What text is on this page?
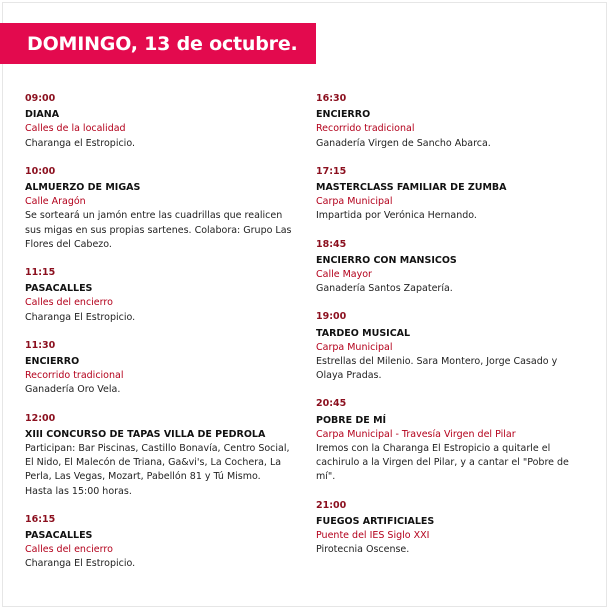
DOMINGO, 13 de octubre.
09:00
DIANA
Calles de la localidad
Charanga el Estropicio.
10:00
ALMUERZO DE MIGAS
Calle Aragón
Se sorteará un jamón entre las cuadrillas que realicen
sus migas en sus propias sartenes. Colabora: Grupo Las
Flores del Cabezo.
11:15
PASACALLES
Calles del encierro
Charanga El Estropicio.
11:30
ENCIERRO
Recorrido tradicional
Ganadería Oro Vela.
12:00
XIII CONCURSO DE TAPAS VILLA DE PEDROLA
Participan: Bar Piscinas, Castillo Bonavía, Centro Social,
El Nido, El Malecón de Triana, Ga&vi's, La Cochera, La
Perla, Las Vegas, Mozart, Pabellón 81 y Tú Mismo.
Hasta las 15:00 horas.
16:15
PASACALLES
Calles del encierro
Charanga El Estropicio.
16:30
ENCIERRO
Recorrido tradicional
Ganadería Virgen de Sancho Abarca.
17:15
MASTERCLASS FAMILIAR DE ZUMBA
Carpa Municipal
Impartida por Verónica Hernando.
18:45
ENCIERRO CON MANSICOS
Calle Mayor
Ganadería Santos Zapatería.
19:00
TARDEO MUSICAL
Carpa Municipal
Estrellas del Milenio. Sara Montero, Jorge Casado y
Olaya Pradas.
20:45
POBRE DE MÍ
Carpa Municipal - Travesía Virgen del Pilar
Iremos con la Charanga El Estropicio a quitarle el
cachirulo a la Virgen del Pilar, y a cantar el "Pobre de
mí".
21:00
FUEGOS ARTIFICIALES
Puente del IES Siglo XXI
Pirotecnia Oscense.
